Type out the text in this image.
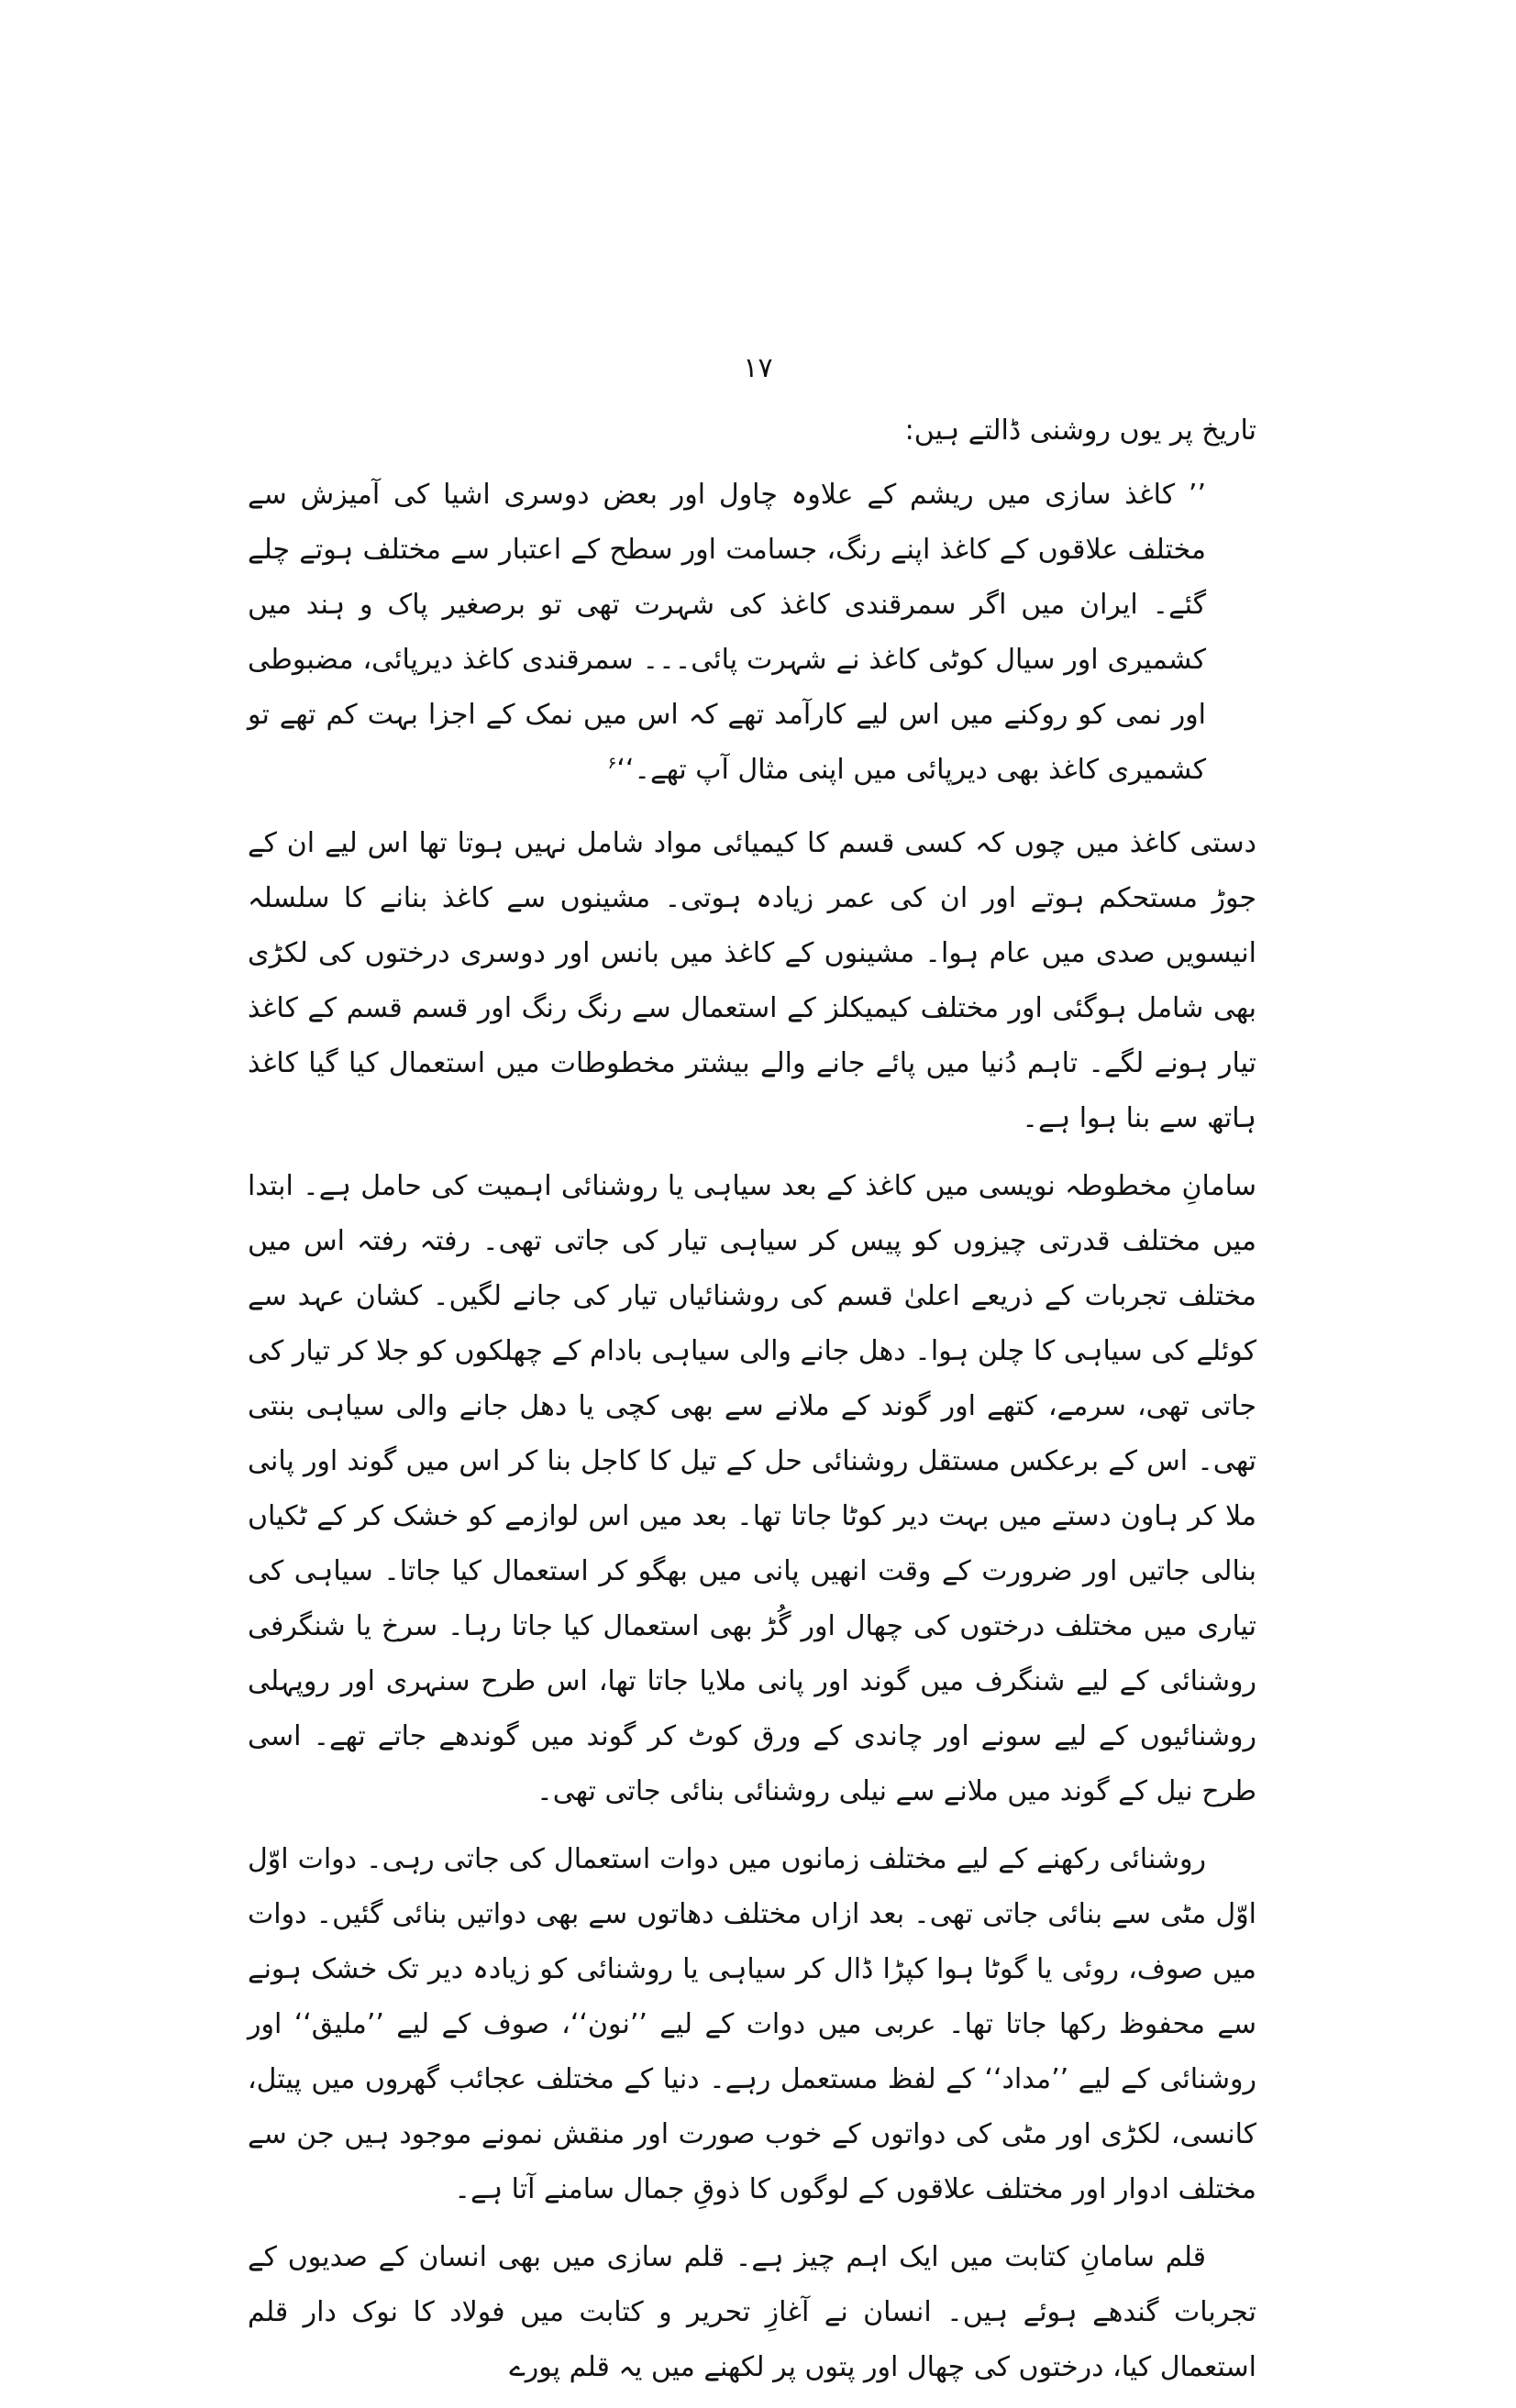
۱۷

تاریخ پر یوں روشنی ڈالتے ہیں:

’’ کاغذ سازی میں ریشم کے علاوہ چاول اور بعض دوسری اشیا کی آمیزش سے مختلف علاقوں کے کاغذ اپنے رنگ، جسامت اور سطح کے اعتبار سے مختلف ہوتے چلے گئے۔ ایران میں اگر سمرقندی کاغذ کی شہرت تھی تو برصغیر پاک و ہند میں کشمیری اور سیال کوٹی کاغذ نے شہرت پائی۔۔۔ سمرقندی کاغذ دیرپائی، مضبوطی اور نمی کو روکنے میں اس لیے کارآمد تھے کہ اس میں نمک کے اجزا بہت کم تھے تو کشمیری کاغذ بھی دیرپائی میں اپنی مثال آپ تھے۔‘‘$^۶$

دستی کاغذ میں چوں کہ کسی قسم کا کیمیائی مواد شامل نہیں ہوتا تھا اس لیے ان کے جوڑ مستحکم ہوتے اور ان کی عمر زیادہ ہوتی۔ مشینوں سے کاغذ بنانے کا سلسلہ انیسویں صدی میں عام ہوا۔ مشینوں کے کاغذ میں بانس اور دوسری درختوں کی لکڑی بھی شامل ہوگئی اور مختلف کیمیکلز کے استعمال سے رنگ رنگ اور قسم قسم کے کاغذ تیار ہونے لگے۔ تاہم دُنیا میں پائے جانے والے بیشتر مخطوطات میں استعمال کیا گیا کاغذ ہاتھ سے بنا ہوا ہے۔

سامانِ مخطوطہ نویسی میں کاغذ کے بعد سیاہی یا روشنائی اہمیت کی حامل ہے۔ ابتدا میں مختلف قدرتی چیزوں کو پیس کر سیاہی تیار کی جاتی تھی۔ رفتہ رفتہ اس میں مختلف تجربات کے ذریعے اعلیٰ قسم کی روشنائیاں تیار کی جانے لگیں۔ کشان عہد سے کوئلے کی سیاہی کا چلن ہوا۔ دھل جانے والی سیاہی بادام کے چھلکوں کو جلا کر تیار کی جاتی تھی، سرمے، کتھے اور گوند کے ملانے سے بھی کچی یا دھل جانے والی سیاہی بنتی تھی۔ اس کے برعکس مستقل روشنائی حل کے تیل کا کاجل بنا کر اس میں گوند اور پانی ملا کر ہاون دستے میں بہت دیر کوٹا جاتا تھا۔ بعد میں اس لوازمے کو خشک کر کے ٹکیاں بنالی جاتیں اور ضرورت کے وقت انھیں پانی میں بھگو کر استعمال کیا جاتا۔ سیاہی کی تیاری میں مختلف درختوں کی چھال اور گُڑ بھی استعمال کیا جاتا رہا۔ سرخ یا شنگرفی روشنائی کے لیے شنگرف میں گوند اور پانی ملایا جاتا تھا، اس طرح سنہری اور روپہلی روشنائیوں کے لیے سونے اور چاندی کے ورق کوٹ کر گوند میں گوندھے جاتے تھے۔ اسی طرح نیل کے گوند میں ملانے سے نیلی روشنائی بنائی جاتی تھی۔

روشنائی رکھنے کے لیے مختلف زمانوں میں دوات استعمال کی جاتی رہی۔ دوات اوّل اوّل مٹی سے بنائی جاتی تھی۔ بعد ازاں مختلف دھاتوں سے بھی دواتیں بنائی گئیں۔ دوات میں صوف، روئی یا گوٹا ہوا کپڑا ڈال کر سیاہی یا روشنائی کو زیادہ دیر تک خشک ہونے سے محفوظ رکھا جاتا تھا۔ عربی میں دوات کے لیے ’’نون‘‘، صوف کے لیے ’’ملیق‘‘ اور روشنائی کے لیے ’’مداد‘‘ کے لفظ مستعمل رہے۔ دنیا کے مختلف عجائب گھروں میں پیتل، کانسی، لکڑی اور مٹی کی دواتوں کے خوب صورت اور منقش نمونے موجود ہیں جن سے مختلف ادوار اور مختلف علاقوں کے لوگوں کا ذوقِ جمال سامنے آتا ہے۔

قلم سامانِ کتابت میں ایک اہم چیز ہے۔ قلم سازی میں بھی انسان کے صدیوں کے تجربات گندھے ہوئے ہیں۔ انسان نے آغازِ تحریر و کتابت میں فولاد کا نوک دار قلم استعمال کیا، درختوں کی چھال اور پتوں پر لکھنے میں یہ قلم پورے
